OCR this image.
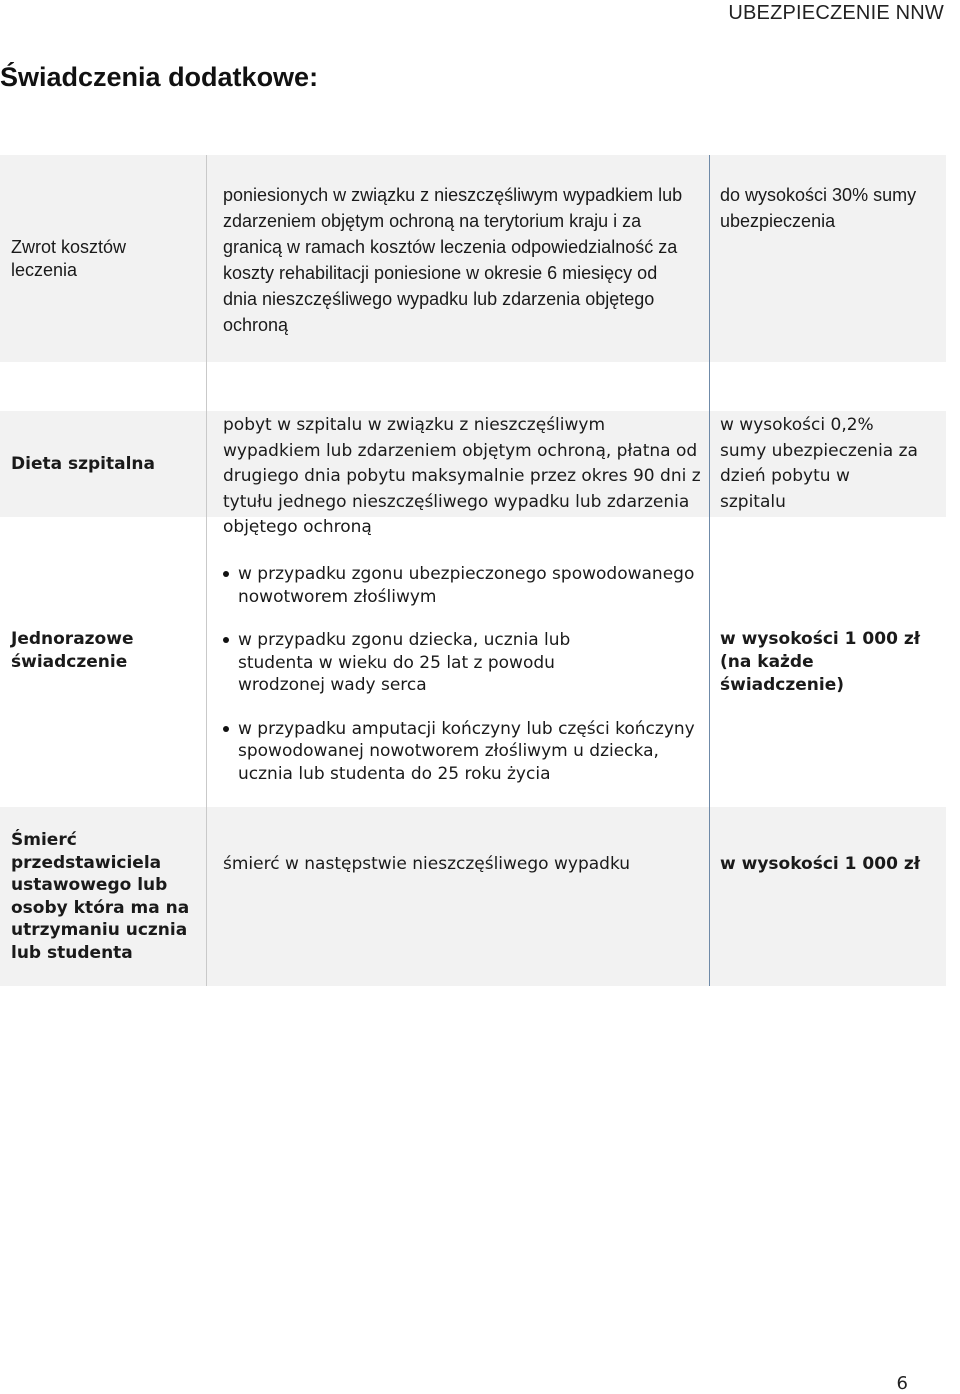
UBEZPIECZENIE NNW
Świadczenia dodatkowe:
Zwrot kosztów leczenia
poniesionych w związku z nieszczęśliwym wypadkiem lub zdarzeniem objętym ochroną na terytorium kraju i za granicą w ramach kosztów leczenia odpowiedzialność za koszty rehabilitacji poniesione w okresie 6 miesięcy od dnia nieszczęśliwego wypadku lub zdarzenia objętego ochroną
do wysokości 30% sumy ubezpieczenia
Dieta szpitalna
pobyt w szpitalu w związku z nieszczęśliwym wypadkiem lub zdarzeniem objętym ochroną, płatna od drugiego dnia pobytu maksymalnie przez okres 90 dni z tytułu jednego nieszczęśliwego wypadku lub zdarzenia objętego ochroną
w wysokości 0,2% sumy ubezpieczenia za dzień pobytu w szpitalu
Jednorazowe świadczenie
w przypadku zgonu ubezpieczonego spowodowanego nowotworem złośliwym
w przypadku zgonu dziecka, ucznia lub studenta w wieku do 25 lat z powodu wrodzonej wady serca
w przypadku amputacji kończyny lub części kończyny spowodowanej nowotworem złośliwym u dziecka, ucznia lub studenta do 25 roku życia
w wysokości 1 000 zł (na każde świadczenie)
Śmierć przedstawiciela ustawowego lub osoby która ma na utrzymaniu ucznia lub studenta
śmierć w następstwie nieszczęśliwego wypadku	w wysokości 1 000 zł
6
